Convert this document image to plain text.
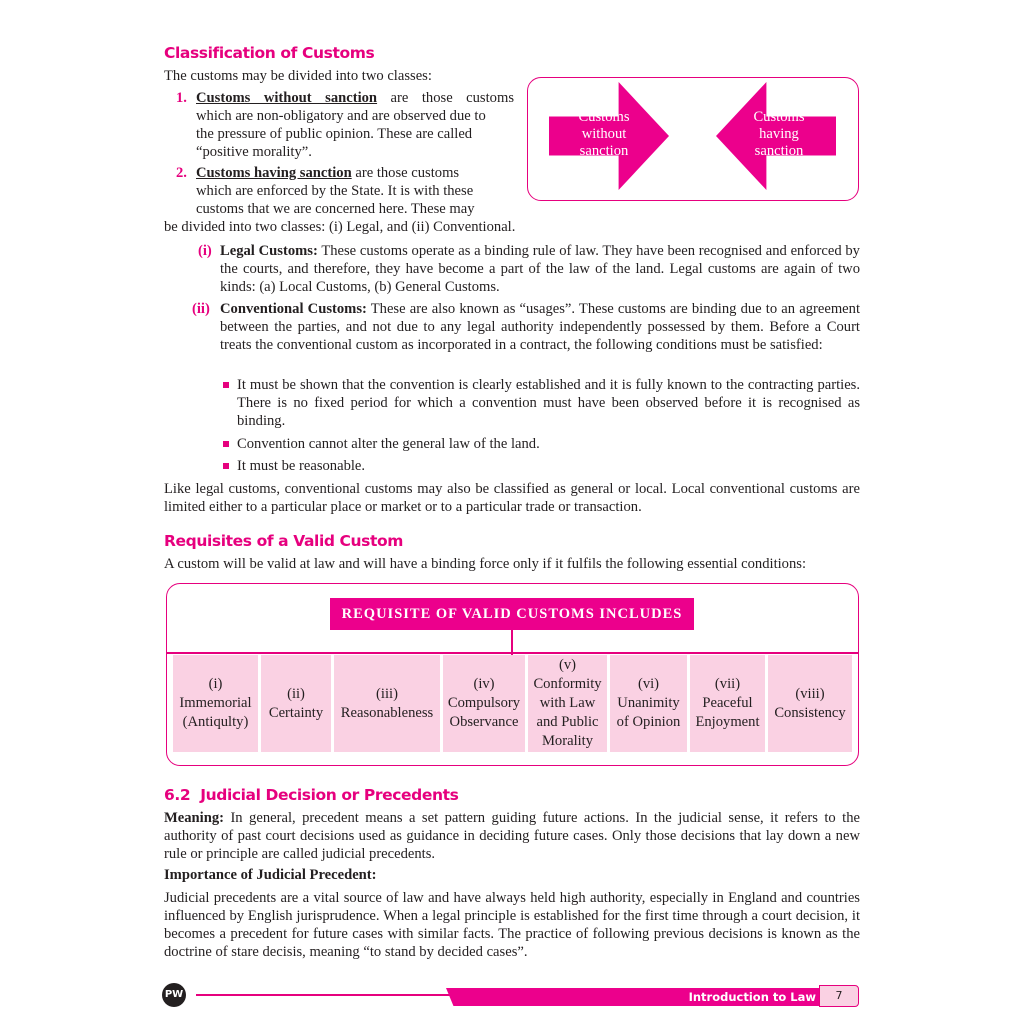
Classification of Customs
The customs may be divided into two classes:
1. Customs without sanction are those customs
which are non-obligatory and are observed due to
the pressure of public opinion. These are called
“positive morality”.
2. Customs having sanction are those customs
which are enforced by the State. It is with these
customs that we are concerned here. These may
be divided into two classes: (i) Legal, and (ii) Conventional.
Customs
without
sanction
Customs
having
sanction
(i) Legal Customs: These customs operate as a binding rule of law. They have been recognised and enforced by the courts, and therefore, they have become a part of the law of the land. Legal customs are again of two kinds: (a) Local Customs, (b) General Customs.
(ii) Conventional Customs: These are also known as “usages”. These customs are binding due to an agreement between the parties, and not due to any legal authority independently possessed by them. Before a Court treats the conventional custom as incorporated in a contract, the following conditions must be satisfied:
It must be shown that the convention is clearly established and it is fully known to the contracting parties. There is no fixed period for which a convention must have been observed before it is recognised as binding.
Convention cannot alter the general law of the land.
It must be reasonable.
Like legal customs, conventional customs may also be classified as general or local. Local conventional customs are limited either to a particular place or market or to a particular trade or transaction.
Requisites of a Valid Custom
A custom will be valid at law and will have a binding force only if it fulfils the following essential conditions:
REQUISITE OF VALID CUSTOMS INCLUDES
(i)
Immemorial
(Antiqulty)
(ii)
Certainty
(iii)
Reasonableness
(iv)
Compulsory
Observance
(v)
Conformity
with Law
and Public
Morality
(vi)
Unanimity
of Opinion
(vii)
Peaceful
Enjoyment
(viii)
Consistency
6.2  Judicial Decision or Precedents
Meaning: In general, precedent means a set pattern guiding future actions. In the judicial sense, it refers to the authority of past court decisions used as guidance in deciding future cases. Only those decisions that lay down a new rule or principle are called judicial precedents.
Importance of Judicial Precedent:
Judicial precedents are a vital source of law and have always held high authority, especially in England and countries influenced by English jurisprudence. When a legal principle is established for the first time through a court decision, it becomes a precedent for future cases with similar facts. The practice of following previous decisions is known as the doctrine of stare decisis, meaning “to stand by decided cases”.
PW	Introduction to Law	7
